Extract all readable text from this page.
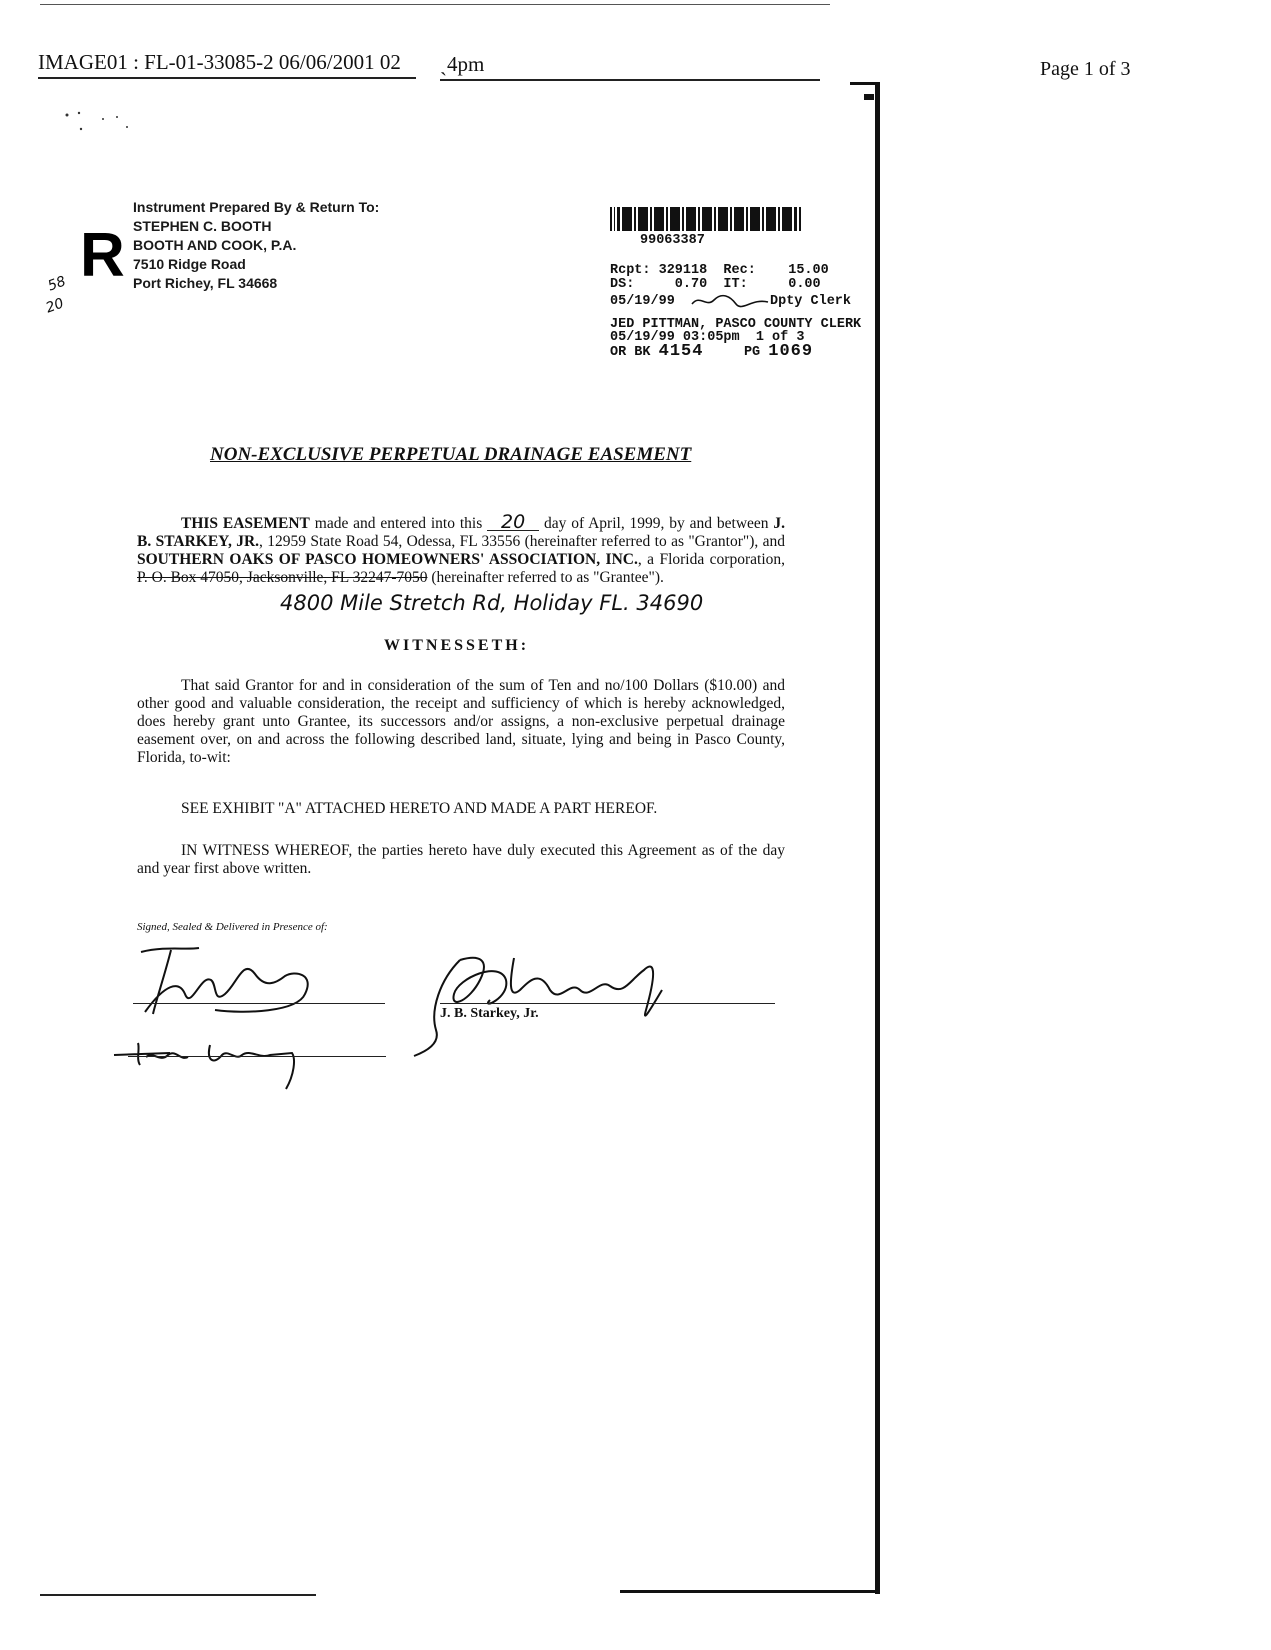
IMAGE01 : FL-01-33085-2 06/06/2001 02 ˏ4pm	Page 1 of 3
R
Instrument Prepared By & Return To:
STEPHEN C. BOOTH
BOOTH AND COOK, P.A.
7510 Ridge Road
Port Richey, FL 34668
58
20
99063387
Rcpt: 329118  Rec:    15.00
DS:     0.70  IT:     0.00
05/19/99	Dpty Clerk
JED PITTMAN, PASCO COUNTY CLERK
05/19/99 03:05pm  1 of 3
OR BK 4154	PG 1069
NON-EXCLUSIVE PERPETUAL DRAINAGE EASEMENT
THIS EASEMENT made and entered into this 20 day of April, 1999, by and between J. B. STARKEY, JR., 12959 State Road 54, Odessa, FL 33556 (hereinafter referred to as "Grantor"), and SOUTHERN OAKS OF PASCO HOMEOWNERS' ASSOCIATION, INC., a Florida corporation, P. O. Box 47050, Jacksonville, FL 32247-7050 (hereinafter referred to as "Grantee").
4800 Mile Stretch Rd, Holiday FL. 34690
WITNESSETH:
That said Grantor for and in consideration of the sum of Ten and no/100 Dollars ($10.00) and other good and valuable consideration, the receipt and sufficiency of which is hereby acknowledged, does hereby grant unto Grantee, its successors and/or assigns, a non-exclusive perpetual drainage easement over, on and across the following described land, situate, lying and being in Pasco County, Florida, to-wit:
SEE EXHIBIT "A" ATTACHED HERETO AND MADE A PART HEREOF.
IN WITNESS WHEREOF, the parties hereto have duly executed this Agreement as of the day and year first above written.
Signed, Sealed & Delivered in Presence of:
J. B. Starkey, Jr.
